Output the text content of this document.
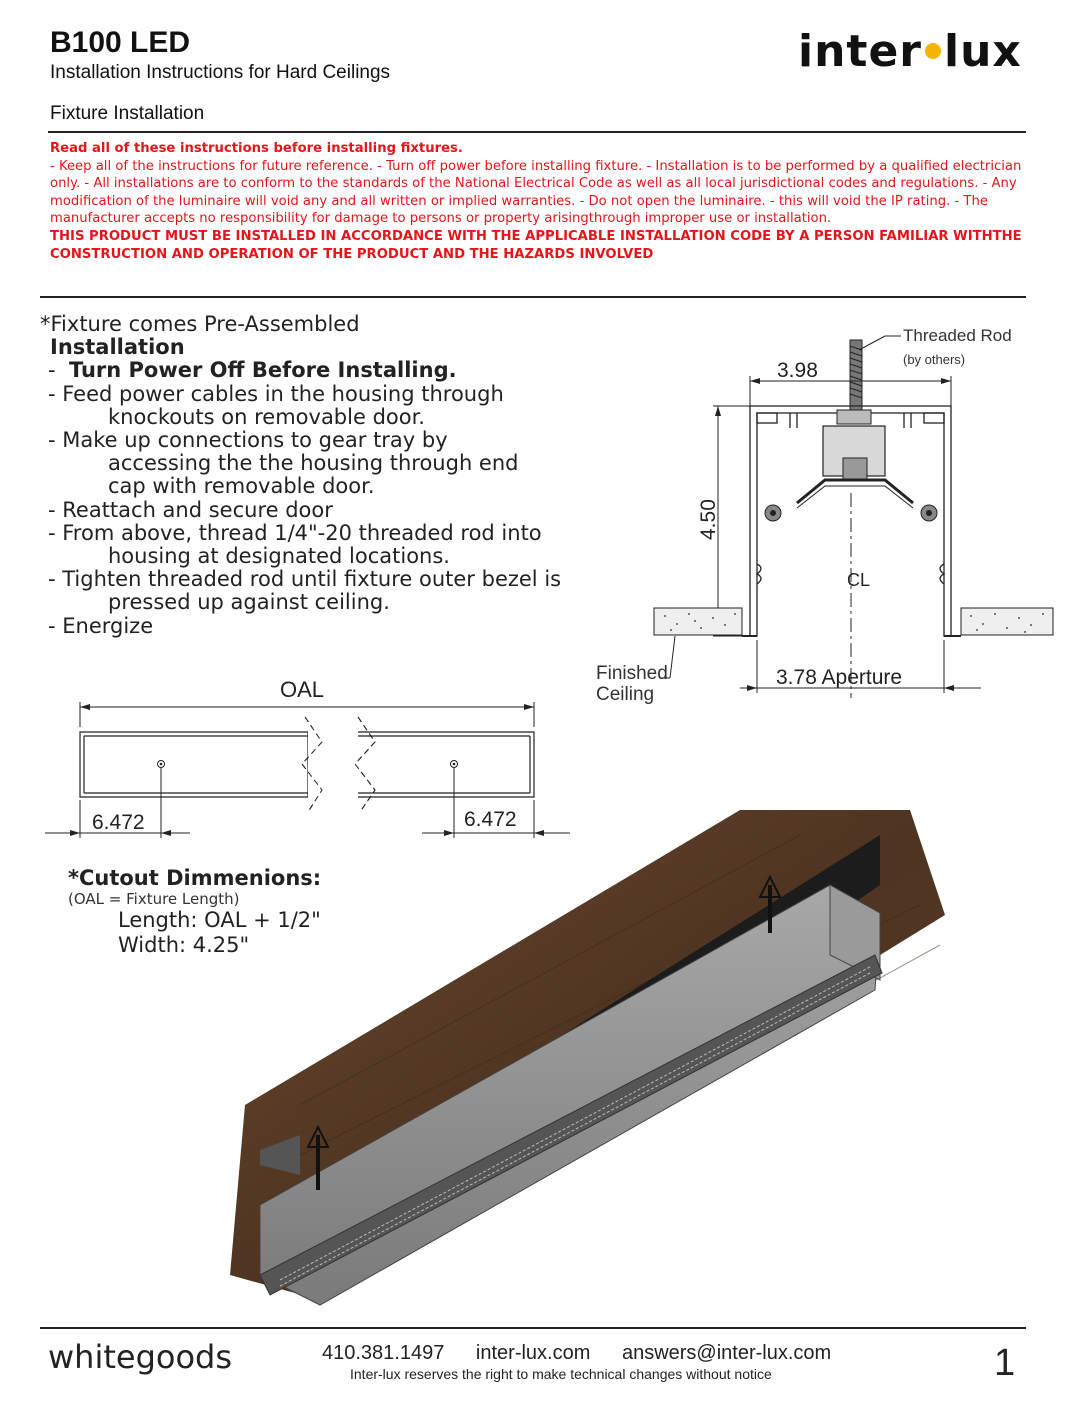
B100 LED
Installation Instructions for Hard Ceilings
Fixture Installation
inter lux
Read all of these instructions before installing fixtures.
- Keep all of the instructions for future reference. - Turn off power before installing fixture. - Installation is to be performed by a qualified electrician only. - All installations are to conform to the standards of the National Electrical Code as well as all local jurisdictional codes and regulations. - Any modification of the luminaire will void any and all written or implied warranties. - Do not open the luminaire. - this will void the IP rating. - The manufacturer accepts no responsibility for damage to persons or property arisingthrough improper use or installation.
THIS PRODUCT MUST BE INSTALLED IN ACCORDANCE WITH THE APPLICABLE INSTALLATION CODE BY A PERSON FAMILIAR WITHTHE CONSTRUCTION AND OPERATION OF THE PRODUCT AND THE HAZARDS INVOLVED
*Fixture comes Pre-Assembled
Installation
-  Turn Power Off Before Installing.
- Feed power cables in the housing through
knockouts on removable door.
- Make up connections to gear tray by
accessing the the housing through end
cap with removable door.
- Reattach and secure door
- From above, thread 1/4"-20 threaded rod into
housing at designated locations.
- Tighten threaded rod until fixture outer bezel is
pressed up against ceiling.
- Energize
Threaded Rod
(by others)
3.98
4.50
CL
Finished
Ceiling
3.78 Aperture
OAL
6.472	6.472
*Cutout Dimmenions:
(OAL = Fixture Length)
Length: OAL + 1/2"
Width: 4.25"
whitegoods	410.381.1497 inter-lux.com answers@inter-lux.com
Inter-lux reserves the right to make technical changes without notice	1
